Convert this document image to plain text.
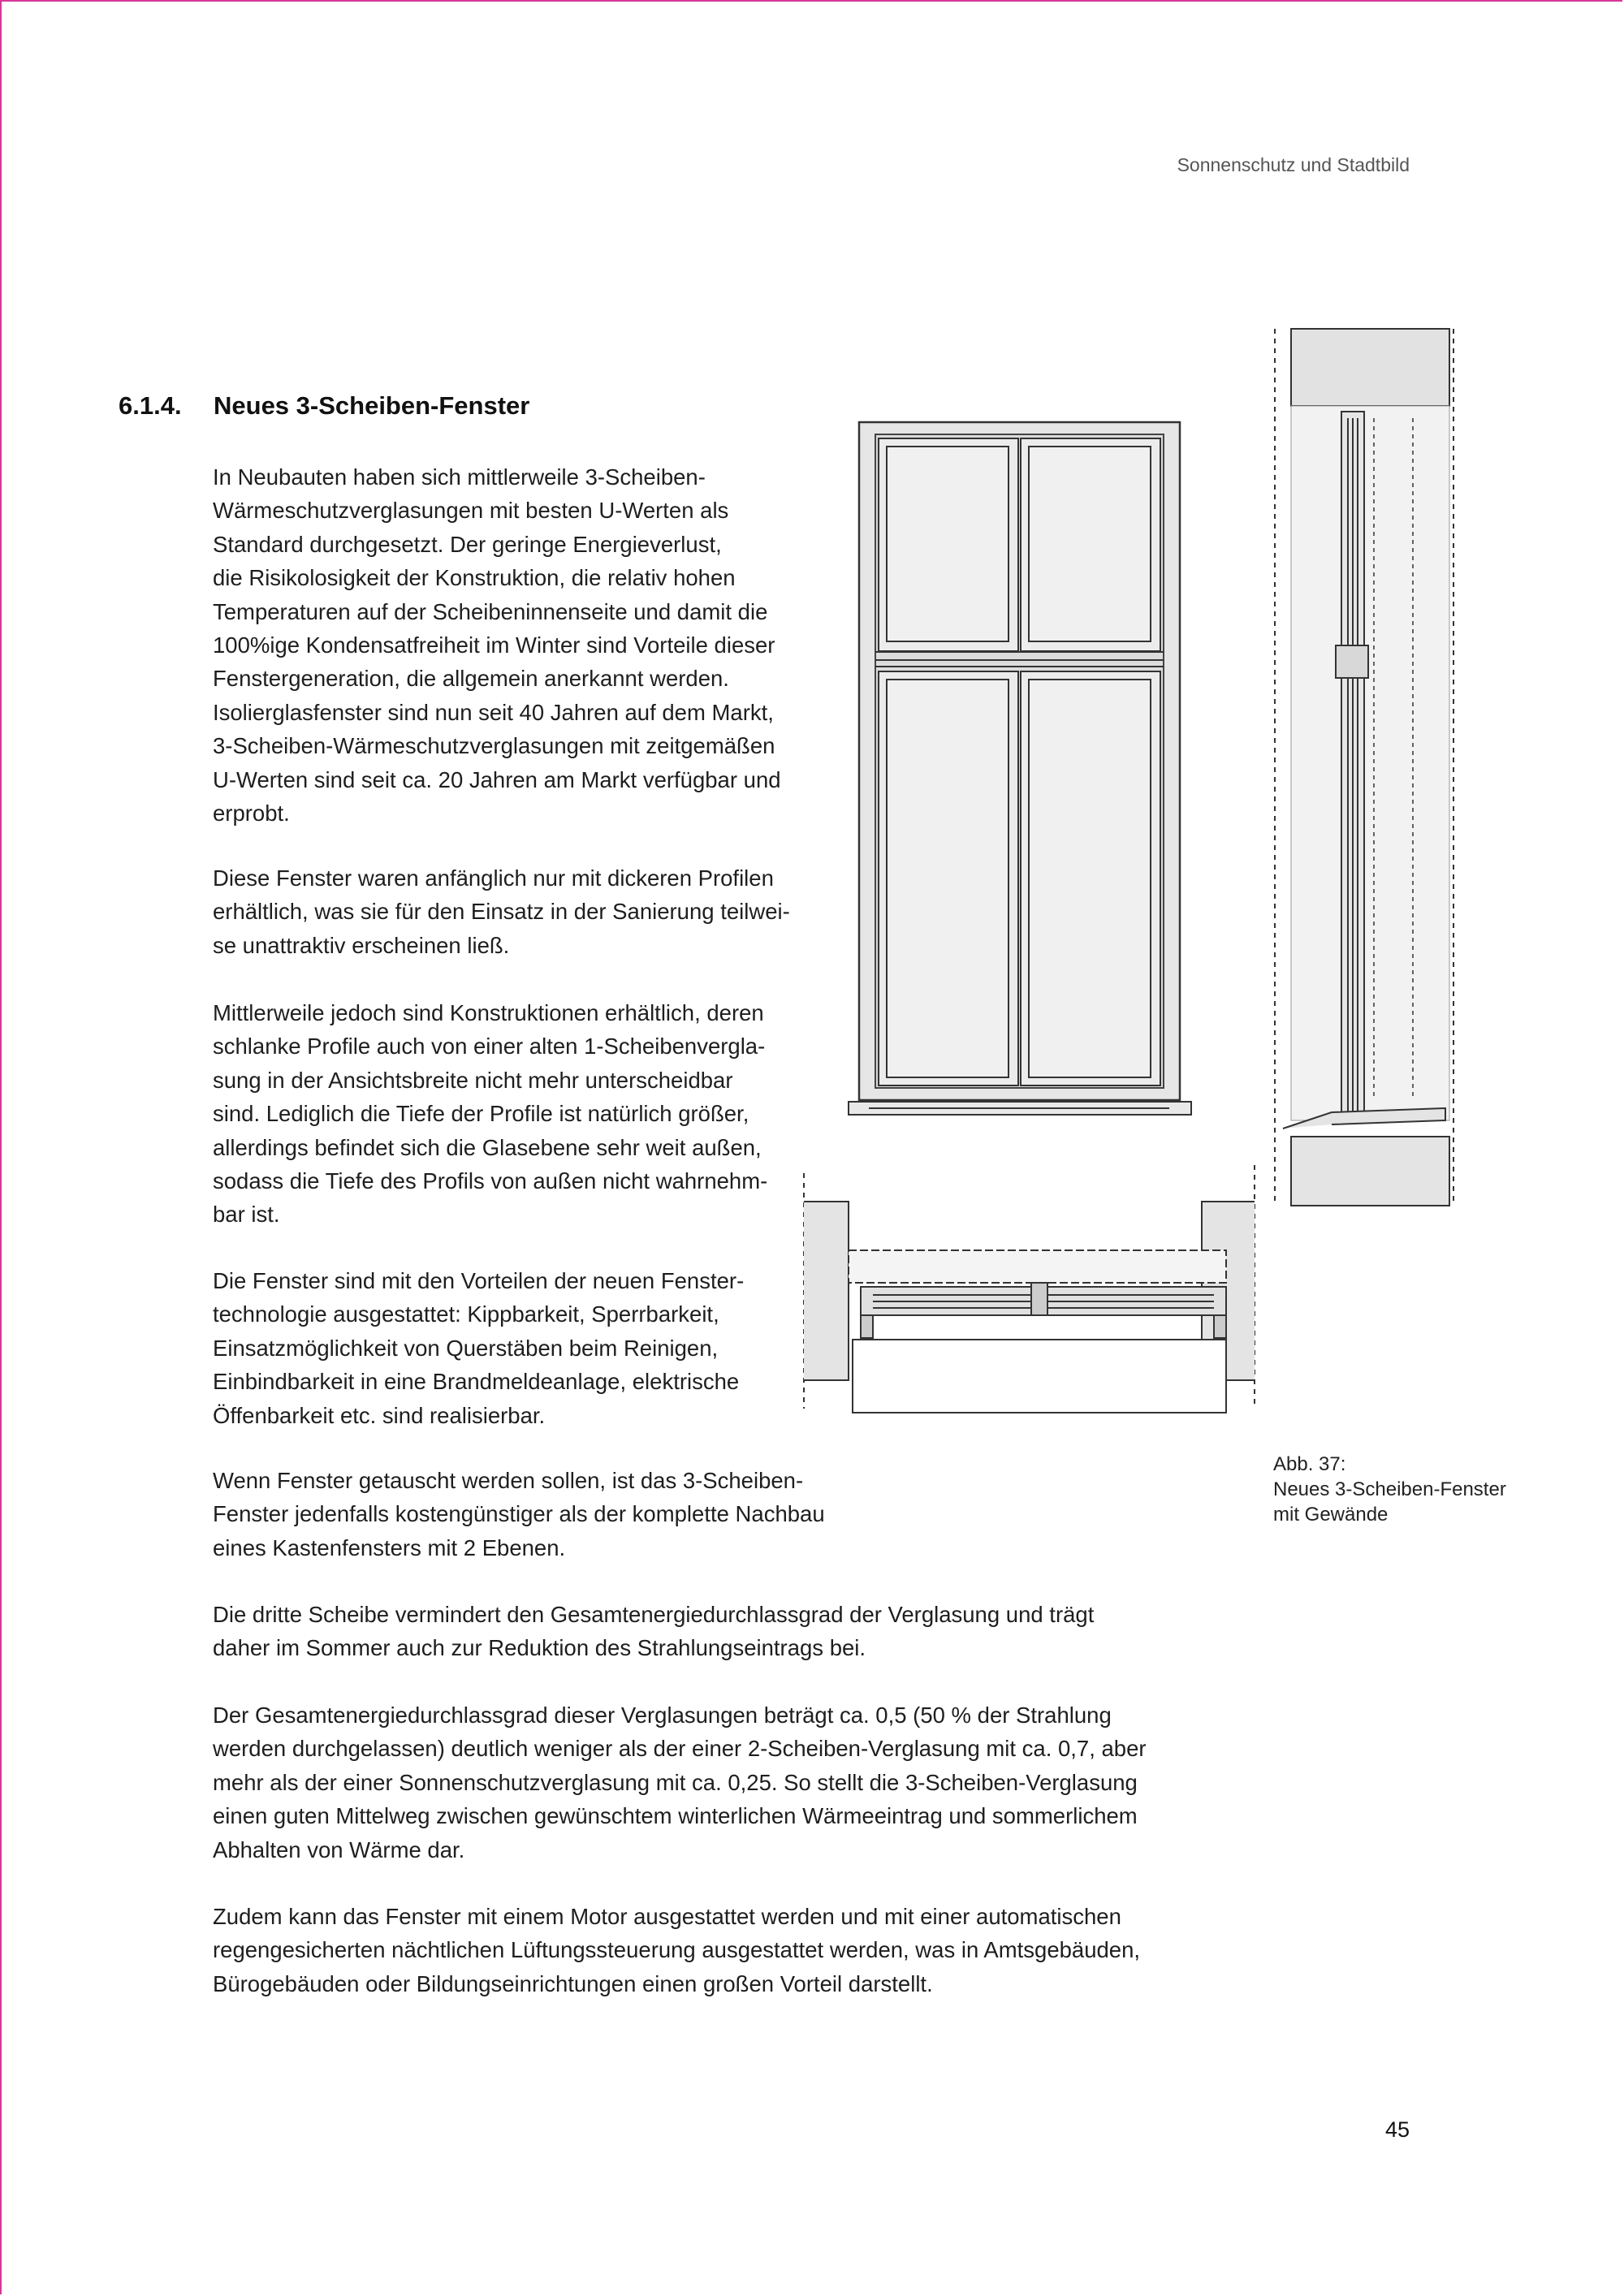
Sonnenschutz und Stadtbild
6.1.4. Neues 3-Scheiben-Fenster

In Neubauten haben sich mittlerweile 3-Scheiben-
Wärmeschutzverglasungen mit besten U-Werten als
Standard durchgesetzt. Der geringe Energieverlust,
die Risikolosigkeit der Konstruktion, die relativ hohen
Temperaturen auf der Scheibeninnenseite und damit die
100%ige Kondensatfreiheit im Winter sind Vorteile dieser
Fenstergeneration, die allgemein anerkannt werden.
Isolierglasfenster sind nun seit 40 Jahren auf dem Markt,
3-Scheiben-Wärmeschutzverglasungen mit zeitgemäßen
U-Werten sind seit ca. 20 Jahren am Markt verfügbar und
erprobt.

Diese Fenster waren anfänglich nur mit dickeren Profilen
erhältlich, was sie für den Einsatz in der Sanierung teilwei-
se unattraktiv erscheinen ließ.

Mittlerweile jedoch sind Konstruktionen erhältlich, deren
schlanke Profile auch von einer alten 1-Scheibenvergla-
sung in der Ansichtsbreite nicht mehr unterscheidbar
sind. Lediglich die Tiefe der Profile ist natürlich größer,
allerdings befindet sich die Glasebene sehr weit außen,
sodass die Tiefe des Profils von außen nicht wahrnehm-
bar ist.

Die Fenster sind mit den Vorteilen der neuen Fenster-
technologie ausgestattet: Kippbarkeit, Sperrbarkeit,
Einsatzmöglichkeit von Querstäben beim Reinigen,
Einbindbarkeit in eine Brandmeldeanlage, elektrische
Öffenbarkeit etc. sind realisierbar.

Wenn Fenster getauscht werden sollen, ist das 3-Scheiben-
Fenster jedenfalls kostengünstiger als der komplette Nachbau
eines Kastenfensters mit 2 Ebenen.

Die dritte Scheibe vermindert den Gesamtenergiedurchlassgrad der Verglasung und trägt
daher im Sommer auch zur Reduktion des Strahlungseintrags bei.

Der Gesamtenergiedurchlassgrad dieser Verglasungen beträgt ca. 0,5 (50 % der Strahlung
werden durchgelassen) deutlich weniger als der einer 2-Scheiben-Verglasung mit ca. 0,7, aber
mehr als der einer Sonnenschutzverglasung mit ca. 0,25. So stellt die 3-Scheiben-Verglasung
einen guten Mittelweg zwischen gewünschtem winterlichen Wärmeeintrag und sommerlichem
Abhalten von Wärme dar.

Zudem kann das Fenster mit einem Motor ausgestattet werden und mit einer automatischen
regengesicherten nächtlichen Lüftungssteuerung ausgestattet werden, was in Amtsgebäuden,
Bürogebäuden oder Bildungseinrichtungen einen großen Vorteil darstellt.

Abb. 37:
Neues 3-Scheiben-Fenster
mit Gewände
45
